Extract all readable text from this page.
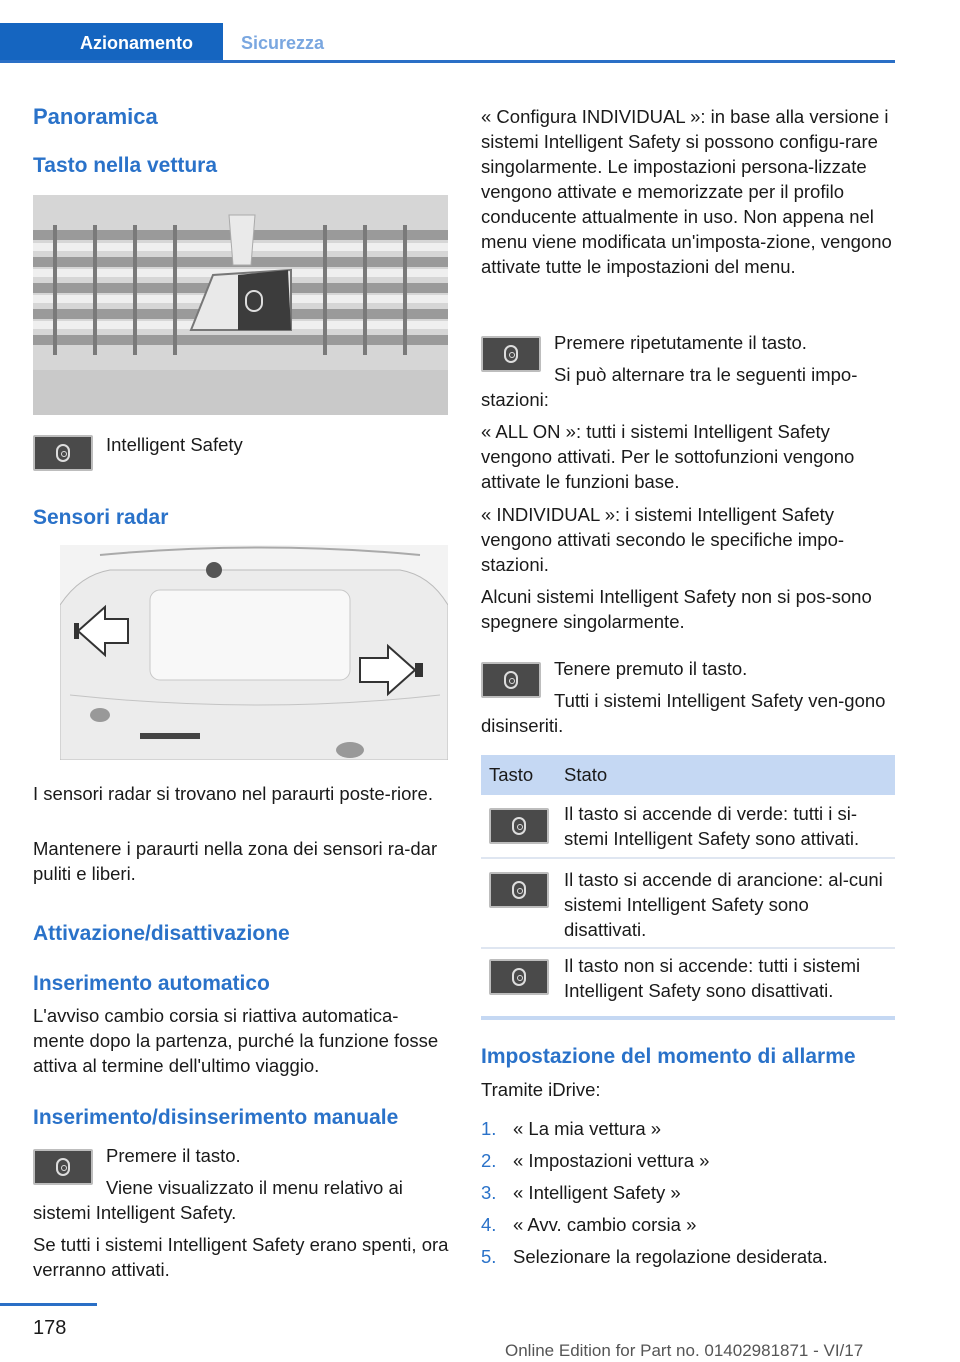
Azionamento	Sicurezza
Panoramica
Tasto nella vettura

Intelligent Safety

Sensori radar

I sensori radar si trovano nel paraurti poste-riore.

Mantenere i paraurti nella zona dei sensori ra-dar puliti e liberi.

Attivazione/disattivazione
Inserimento automatico

L'avviso cambio corsia si riattiva automatica-mente dopo la partenza, purché la funzione fosse attiva al termine dell'ultimo viaggio.

Inserimento/disinserimento manuale

Premere il tasto.

Viene visualizzato il menu relativo ai sistemi Intelligent Safety.

Se tutti i sistemi Intelligent Safety erano spenti, ora verranno attivati.

« Configura INDIVIDUAL »: in base alla versione i sistemi Intelligent Safety si possono configu-rare singolarmente. Le impostazioni persona-lizzate vengono attivate e memorizzate per il profilo conducente attualmente in uso. Non appena nel menu viene modificata un'imposta-zione, vengono attivate tutte le impostazioni del menu.

Premere ripetutamente il tasto.

Si può alternare tra le seguenti impo-stazioni:

« ALL ON »: tutti i sistemi Intelligent Safety vengono attivati. Per le sottofunzioni vengono attivate le funzioni base.

« INDIVIDUAL »: i sistemi Intelligent Safety vengono attivati secondo le specifiche impo-stazioni.

Alcuni sistemi Intelligent Safety non si pos-sono spegnere singolarmente.

Tenere premuto il tasto.

Tutti i sistemi Intelligent Safety ven-gono disinseriti.

Tasto Stato

Il tasto si accende di verde: tutti i si-stemi Intelligent Safety sono attivati.

Il tasto si accende di arancione: al-cuni sistemi Intelligent Safety sono disattivati.

Il tasto non si accende: tutti i sistemi Intelligent Safety sono disattivati.

Impostazione del momento di allarme

Tramite iDrive:

1. « La mia vettura »
2. « Impostazioni vettura »
3. « Intelligent Safety »
4. « Avv. cambio corsia »
5. Selezionare la regolazione desiderata.
178
Online Edition for Part no. 01402981871 - VI/17
